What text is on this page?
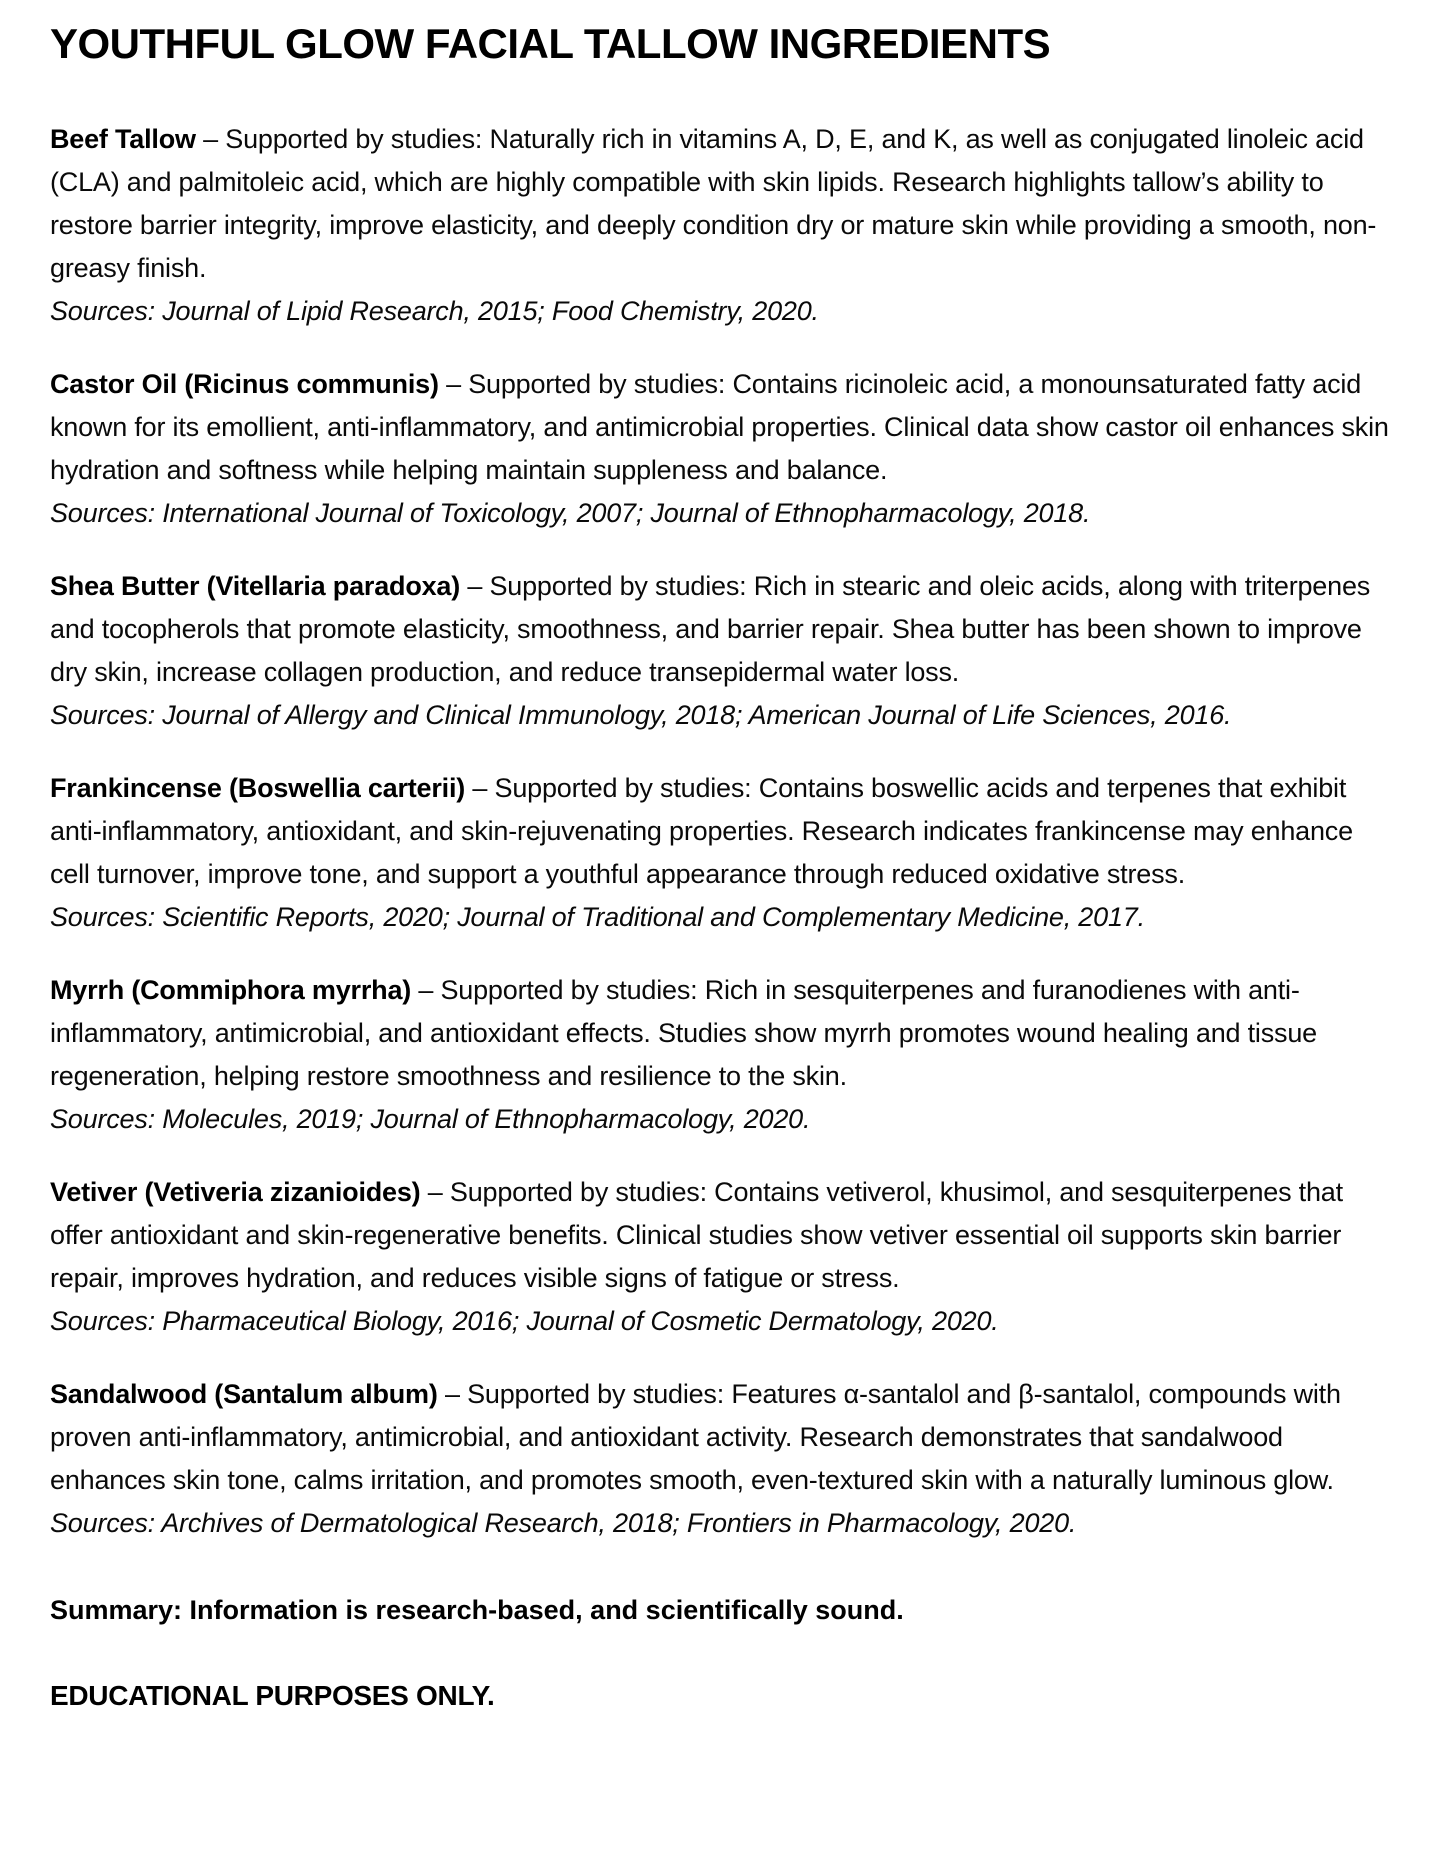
YOUTHFUL GLOW FACIAL TALLOW INGREDIENTS

Beef Tallow – Supported by studies: Naturally rich in vitamins A, D, E, and K, as well as conjugated linoleic acid (CLA) and palmitoleic acid, which are highly compatible with skin lipids. Research highlights tallow’s ability to restore barrier integrity, improve elasticity, and deeply condition dry or mature skin while providing a smooth, non-greasy finish.

Sources: Journal of Lipid Research, 2015; Food Chemistry, 2020.

Castor Oil (Ricinus communis) – Supported by studies: Contains ricinoleic acid, a monounsaturated fatty acid known for its emollient, anti-inflammatory, and antimicrobial properties. Clinical data show castor oil enhances skin hydration and softness while helping maintain suppleness and balance.

Sources: International Journal of Toxicology, 2007; Journal of Ethnopharmacology, 2018.

Shea Butter (Vitellaria paradoxa) – Supported by studies: Rich in stearic and oleic acids, along with triterpenes and tocopherols that promote elasticity, smoothness, and barrier repair. Shea butter has been shown to improve dry skin, increase collagen production, and reduce transepidermal water loss.

Sources: Journal of Allergy and Clinical Immunology, 2018; American Journal of Life Sciences, 2016.

Frankincense (Boswellia carterii) – Supported by studies: Contains boswellic acids and terpenes that exhibit anti-inflammatory, antioxidant, and skin-rejuvenating properties. Research indicates frankincense may enhance cell turnover, improve tone, and support a youthful appearance through reduced oxidative stress.

Sources: Scientific Reports, 2020; Journal of Traditional and Complementary Medicine, 2017.

Myrrh (Commiphora myrrha) – Supported by studies: Rich in sesquiterpenes and furanodienes with anti-inflammatory, antimicrobial, and antioxidant effects. Studies show myrrh promotes wound healing and tissue regeneration, helping restore smoothness and resilience to the skin.

Sources: Molecules, 2019; Journal of Ethnopharmacology, 2020.

Vetiver (Vetiveria zizanioides) – Supported by studies: Contains vetiverol, khusimol, and sesquiterpenes that offer antioxidant and skin-regenerative benefits. Clinical studies show vetiver essential oil supports skin barrier repair, improves hydration, and reduces visible signs of fatigue or stress.

Sources: Pharmaceutical Biology, 2016; Journal of Cosmetic Dermatology, 2020.

Sandalwood (Santalum album) – Supported by studies: Features α-santalol and β-santalol, compounds with proven anti-inflammatory, antimicrobial, and antioxidant activity. Research demonstrates that sandalwood enhances skin tone, calms irritation, and promotes smooth, even-textured skin with a naturally luminous glow.

Sources: Archives of Dermatological Research, 2018; Frontiers in Pharmacology, 2020.

Summary: Information is research-based, and scientifically sound.

EDUCATIONAL PURPOSES ONLY.
